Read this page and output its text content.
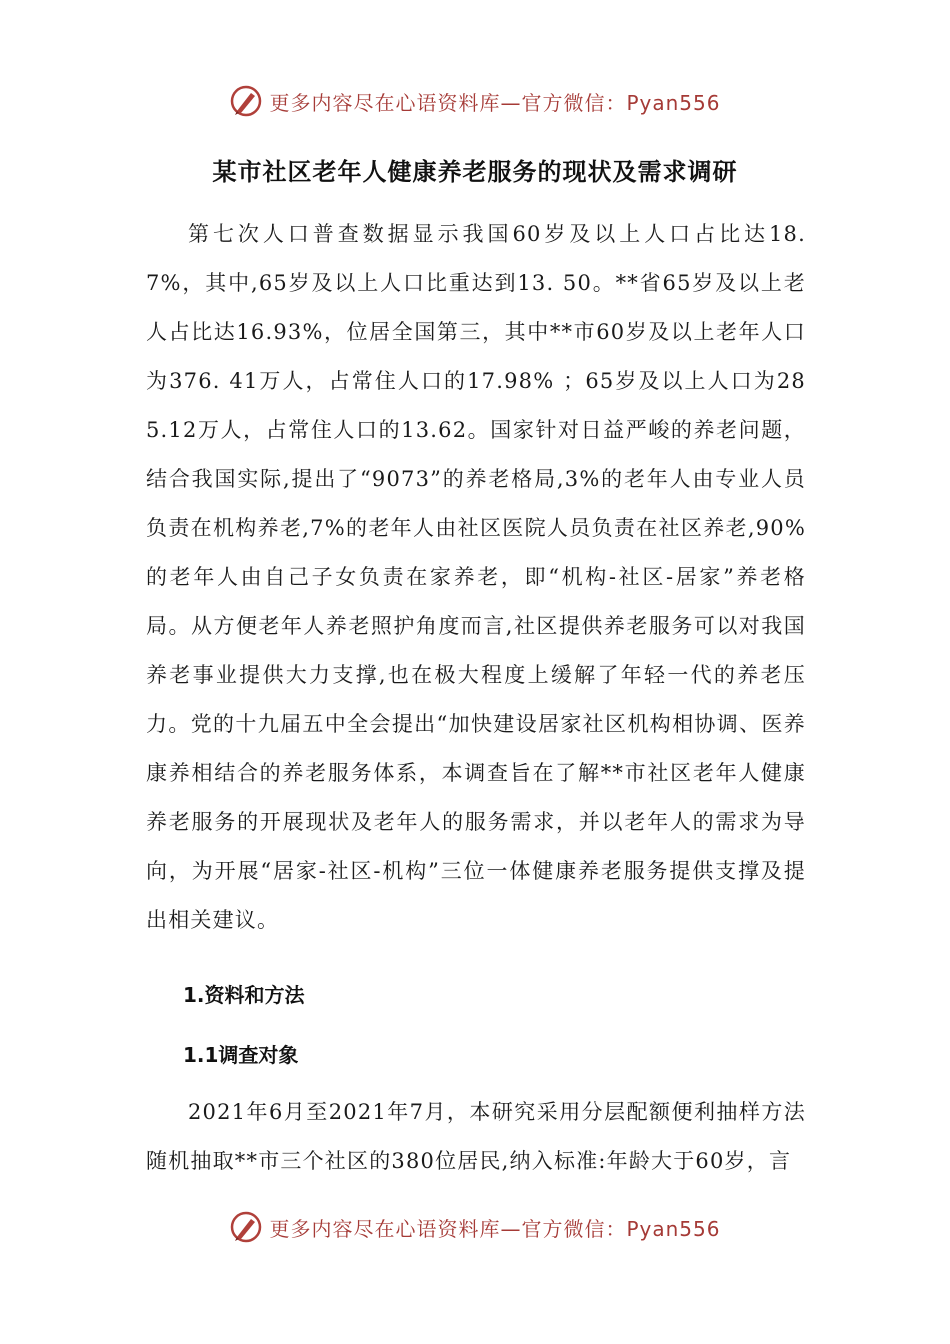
更多内容尽在心语资料库—官方微信：Pyan556
某市社区老年人健康养老服务的现状及需求调研

第七次人口普查数据显示我国60岁及以上人口占比达18. 7%，其中,65岁及以上人口比重达到13. 50。**省65岁及以上老人占比达16.93%，位居全国第三，其中**市60岁及以上老年人口为376. 41万人，占常住人口的17.98% ；65岁及以上人口为285.12万人，占常住人口的13.62。国家针对日益严峻的养老问题，结合我国实际,提出了“9073”的养老格局,3%的老年人由专业人员负责在机构养老,7%的老年人由社区医院人员负责在社区养老,90%的老年人由自己子女负责在家养老，即“机构-社区-居家”养老格局。从方便老年人养老照护角度而言,社区提供养老服务可以对我国养老事业提供大力支撑,也在极大程度上缓解了年轻一代的养老压力。党的十九届五中全会提出“加快建设居家社区机构相协调、医养康养相结合的养老服务体系，本调查旨在了解**市社区老年人健康养老服务的开展现状及老年人的服务需求，并以老年人的需求为导向，为开展“居家-社区-机构”三位一体健康养老服务提供支撑及提出相关建议。

1.资料和方法
1.1调查对象

2021年6月至2021年7月，本研究采用分层配额便利抽样方法随机抽取**市三个社区的380位居民,纳入标准:年龄大于60岁，言

更多内容尽在心语资料库—官方微信：Pyan556
